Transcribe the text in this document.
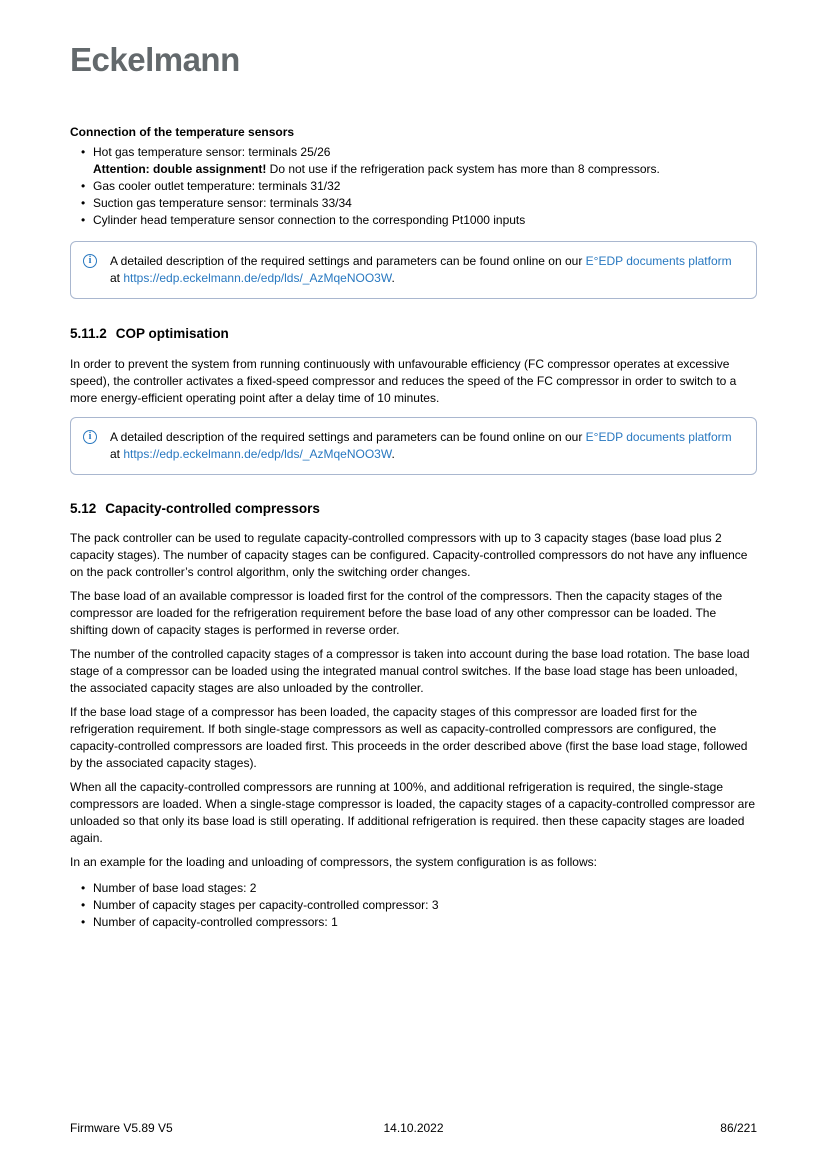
Eckelmann
Connection of the temperature sensors
• Hot gas temperature sensor: terminals 25/26
Attention: double assignment! Do not use if the refrigeration pack system has more than 8 compressors.
• Gas cooler outlet temperature: terminals 31/32
• Suction gas temperature sensor: terminals 33/34
• Cylinder head temperature sensor connection to the corresponding Pt1000 inputs
i	A detailed description of the required settings and parameters can be found online on our E°EDP documents platform at https://edp.eckelmann.de/edp/lds/_AzMqeNOO3W.
5.11.2 COP optimisation

In order to prevent the system from running continuously with unfavourable efficiency (FC compressor operates at excessive speed), the controller activates a fixed-speed compressor and reduces the speed of the FC compressor in order to switch to a more energy-efficient operating point after a delay time of 10 minutes.

i	A detailed description of the required settings and parameters can be found online on our E°EDP documents platform at https://edp.eckelmann.de/edp/lds/_AzMqeNOO3W.
5.12 Capacity-controlled compressors

The pack controller can be used to regulate capacity-controlled compressors with up to 3 capacity stages (base load plus 2 capacity stages). The number of capacity stages can be configured. Capacity-controlled compressors do not have any influence on the pack controller’s control algorithm, only the switching order changes.

The base load of an available compressor is loaded first for the control of the compressors. Then the capacity stages of the compressor are loaded for the refrigeration requirement before the base load of any other compressor can be loaded. The shifting down of capacity stages is performed in reverse order.

The number of the controlled capacity stages of a compressor is taken into account during the base load rotation. The base load stage of a compressor can be loaded using the integrated manual control switches. If the base load stage has been unloaded, the associated capacity stages are also unloaded by the controller.

If the base load stage of a compressor has been loaded, the capacity stages of this compressor are loaded first for the refrigeration requirement. If both single-stage compressors as well as capacity-controlled compressors are configured, the capacity-controlled compressors are loaded first. This proceeds in the order described above (first the base load stage, followed by the associated capacity stages).

When all the capacity-controlled compressors are running at 100%, and additional refrigeration is required, the single-stage compressors are loaded. When a single-stage compressor is loaded, the capacity stages of a capacity-controlled compressor are unloaded so that only its base load is still operating. If additional refrigeration is required. then these capacity stages are loaded again.

In an example for the loading and unloading of compressors, the system configuration is as follows:

• Number of base load stages: 2
• Number of capacity stages per capacity-controlled compressor: 3
• Number of capacity-controlled compressors: 1
Firmware V5.89 V5	14.10.2022	86/221
